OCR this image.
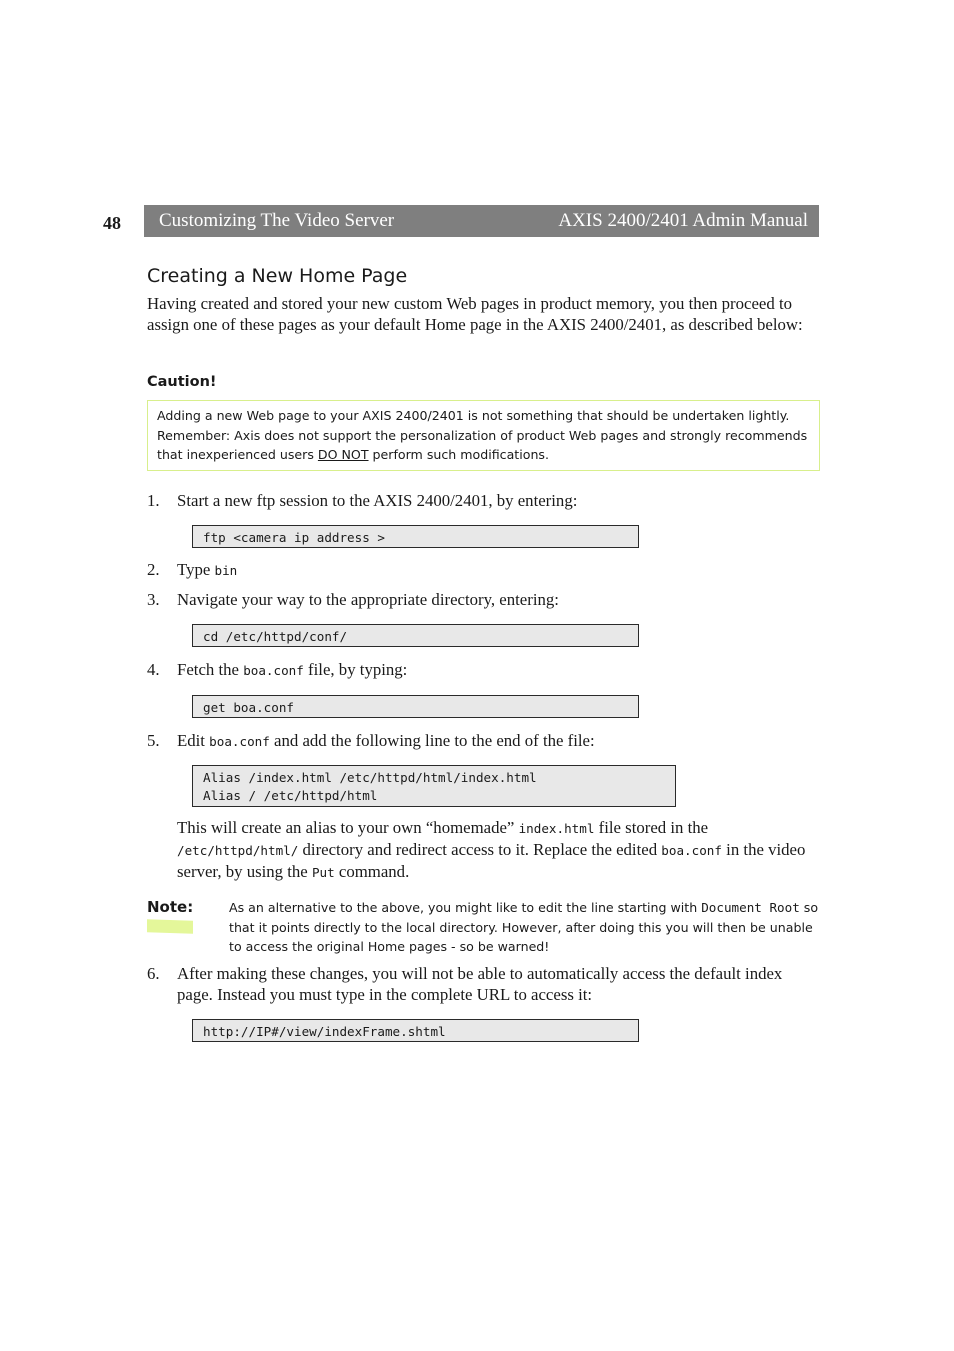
48 Customizing The Video Server	AXIS 2400/2401 Admin Manual
Creating a New Home Page

Having created and stored your new custom Web pages in product memory, you then proceed to assign one of these pages as your default Home page in the AXIS 2400/2401, as described below:

Caution!
Adding a new Web page to your AXIS 2400/2401 is not something that should be undertaken lightly. Remember: Axis does not support the personalization of product Web pages and strongly recommends that inexperienced users DO NOT perform such modifications.
1. Start a new ftp session to the AXIS 2400/2401, by entering:
ftp <camera ip address >
2. Type bin
3. Navigate your way to the appropriate directory, entering:
cd /etc/httpd/conf/
4. Fetch the boa.conf file, by typing:
get boa.conf
5. Edit boa.conf and add the following line to the end of the file:
Alias /index.html /etc/httpd/html/index.html
Alias / /etc/httpd/html

This will create an alias to your own “homemade” index.html file stored in the /etc/httpd/html/ directory and redirect access to it. Replace the edited boa.conf in the video server, by using the Put command.

Note:	As an alternative to the above, you might like to edit the line starting with Document Root so that it points directly to the local directory. However, after doing this you will then be unable to access the original Home pages - so be warned!

6. After making these changes, you will not be able to automatically access the default index page. Instead you must type in the complete URL to access it:
http://IP#/view/indexFrame.shtml
